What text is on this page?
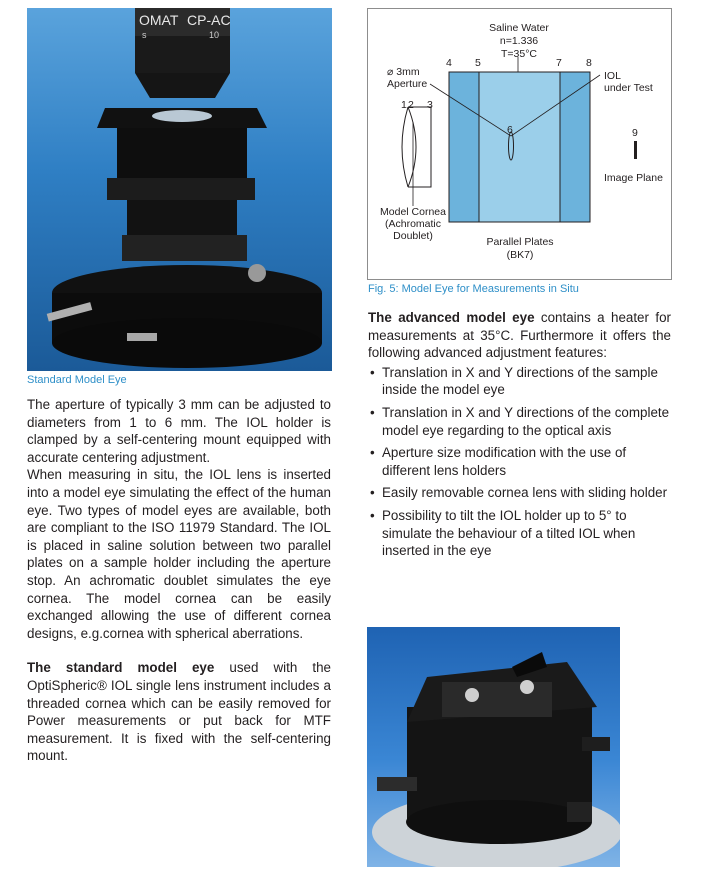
OMAT CP-AC
s	10
Standard Model Eye

The aperture of typically 3 mm can be adjusted to diameters from 1 to 6 mm. The IOL holder is clamped by a self-centering mount equipped with accurate centering adjustment.

When measuring in situ, the IOL lens is inserted into a model eye simulating the effect of the human eye. Two types of model eyes are available, both are compliant to the ISO 11979 Standard. The IOL is placed in saline solution between two parallel plates on a sample holder including the aperture stop. An achromatic doublet simulates the eye cornea. The model cornea can be easily exchanged allowing the use of different cornea designs, e.g.cornea with spherical aberrations.

The standard model eye used with the OptiSpheric® IOL single lens instrument includes a threaded cornea which can be easily removed for Power measurements or put back for MTF measurement. It is fixed with the self-centering mount.

Saline Water
n=1.336
T=35°C
⌀ 3mm
Aperture
IOL
under Test
Image Plane
Model Cornea
(Achromatic
Doublet)	Parallel Plates
(BK7)
1 2 3
4 5
6
7 8
9
Fig. 5: Model Eye for Measurements in Situ

The advanced model eye contains a heater for measurements at 35°C. Furthermore it offers the following advanced adjustment features:

• Translation in X and Y directions of the sample inside the model eye
• Translation in X and Y directions of the complete model eye regarding to the optical axis
• Aperture size modification with the use of different lens holders
• Easily removable cornea lens with sliding holder
• Possibility to tilt the IOL holder up to 5° to simulate the behaviour of a tilted IOL when inserted in the eye
